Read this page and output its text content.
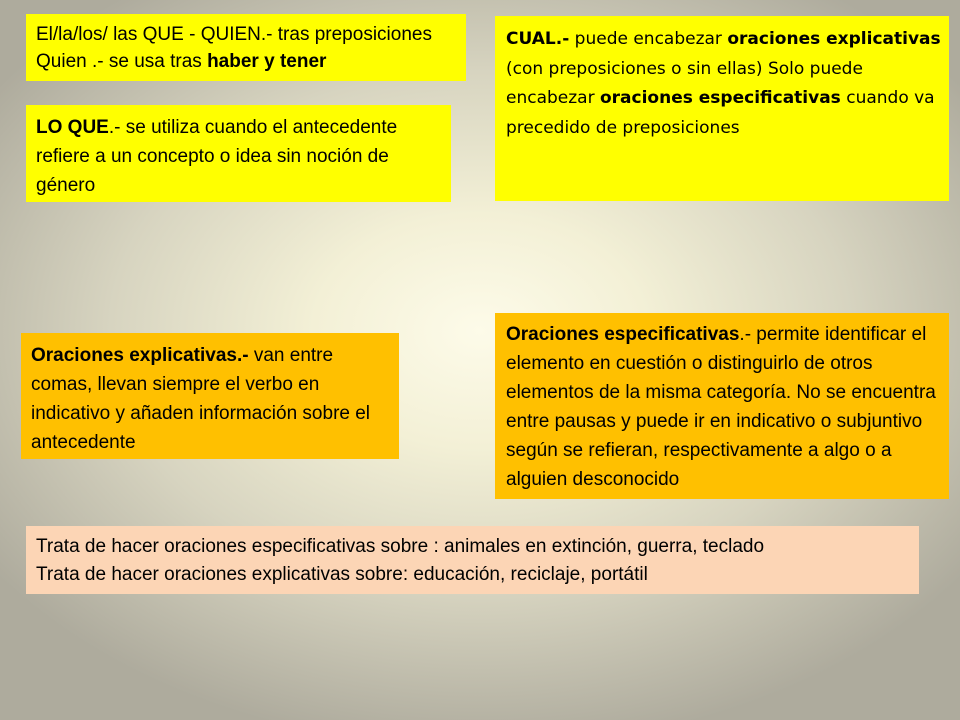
El/la/los/ las QUE - QUIEN.- tras preposiciones

Quien .- se usa tras haber y tener

LO QUE.- se utiliza cuando el antecedente refiere a un concepto o idea sin noción de género

CUAL.- puede encabezar oraciones explicativas (con preposiciones o sin ellas) Solo puede encabezar oraciones especificativas cuando va precedido de preposiciones

Oraciones explicativas.- van entre comas, llevan siempre el verbo en indicativo y añaden información sobre el antecedente

Oraciones especificativas.- permite identificar el elemento en cuestión o distinguirlo de otros elementos de la misma categoría. No se encuentra entre pausas y puede ir en indicativo o subjuntivo según se refieran, respectivamente a algo o a alguien desconocido

Trata de hacer oraciones especificativas sobre : animales en extinción, guerra, teclado

Trata de hacer oraciones explicativas sobre: educación, reciclaje, portátil
